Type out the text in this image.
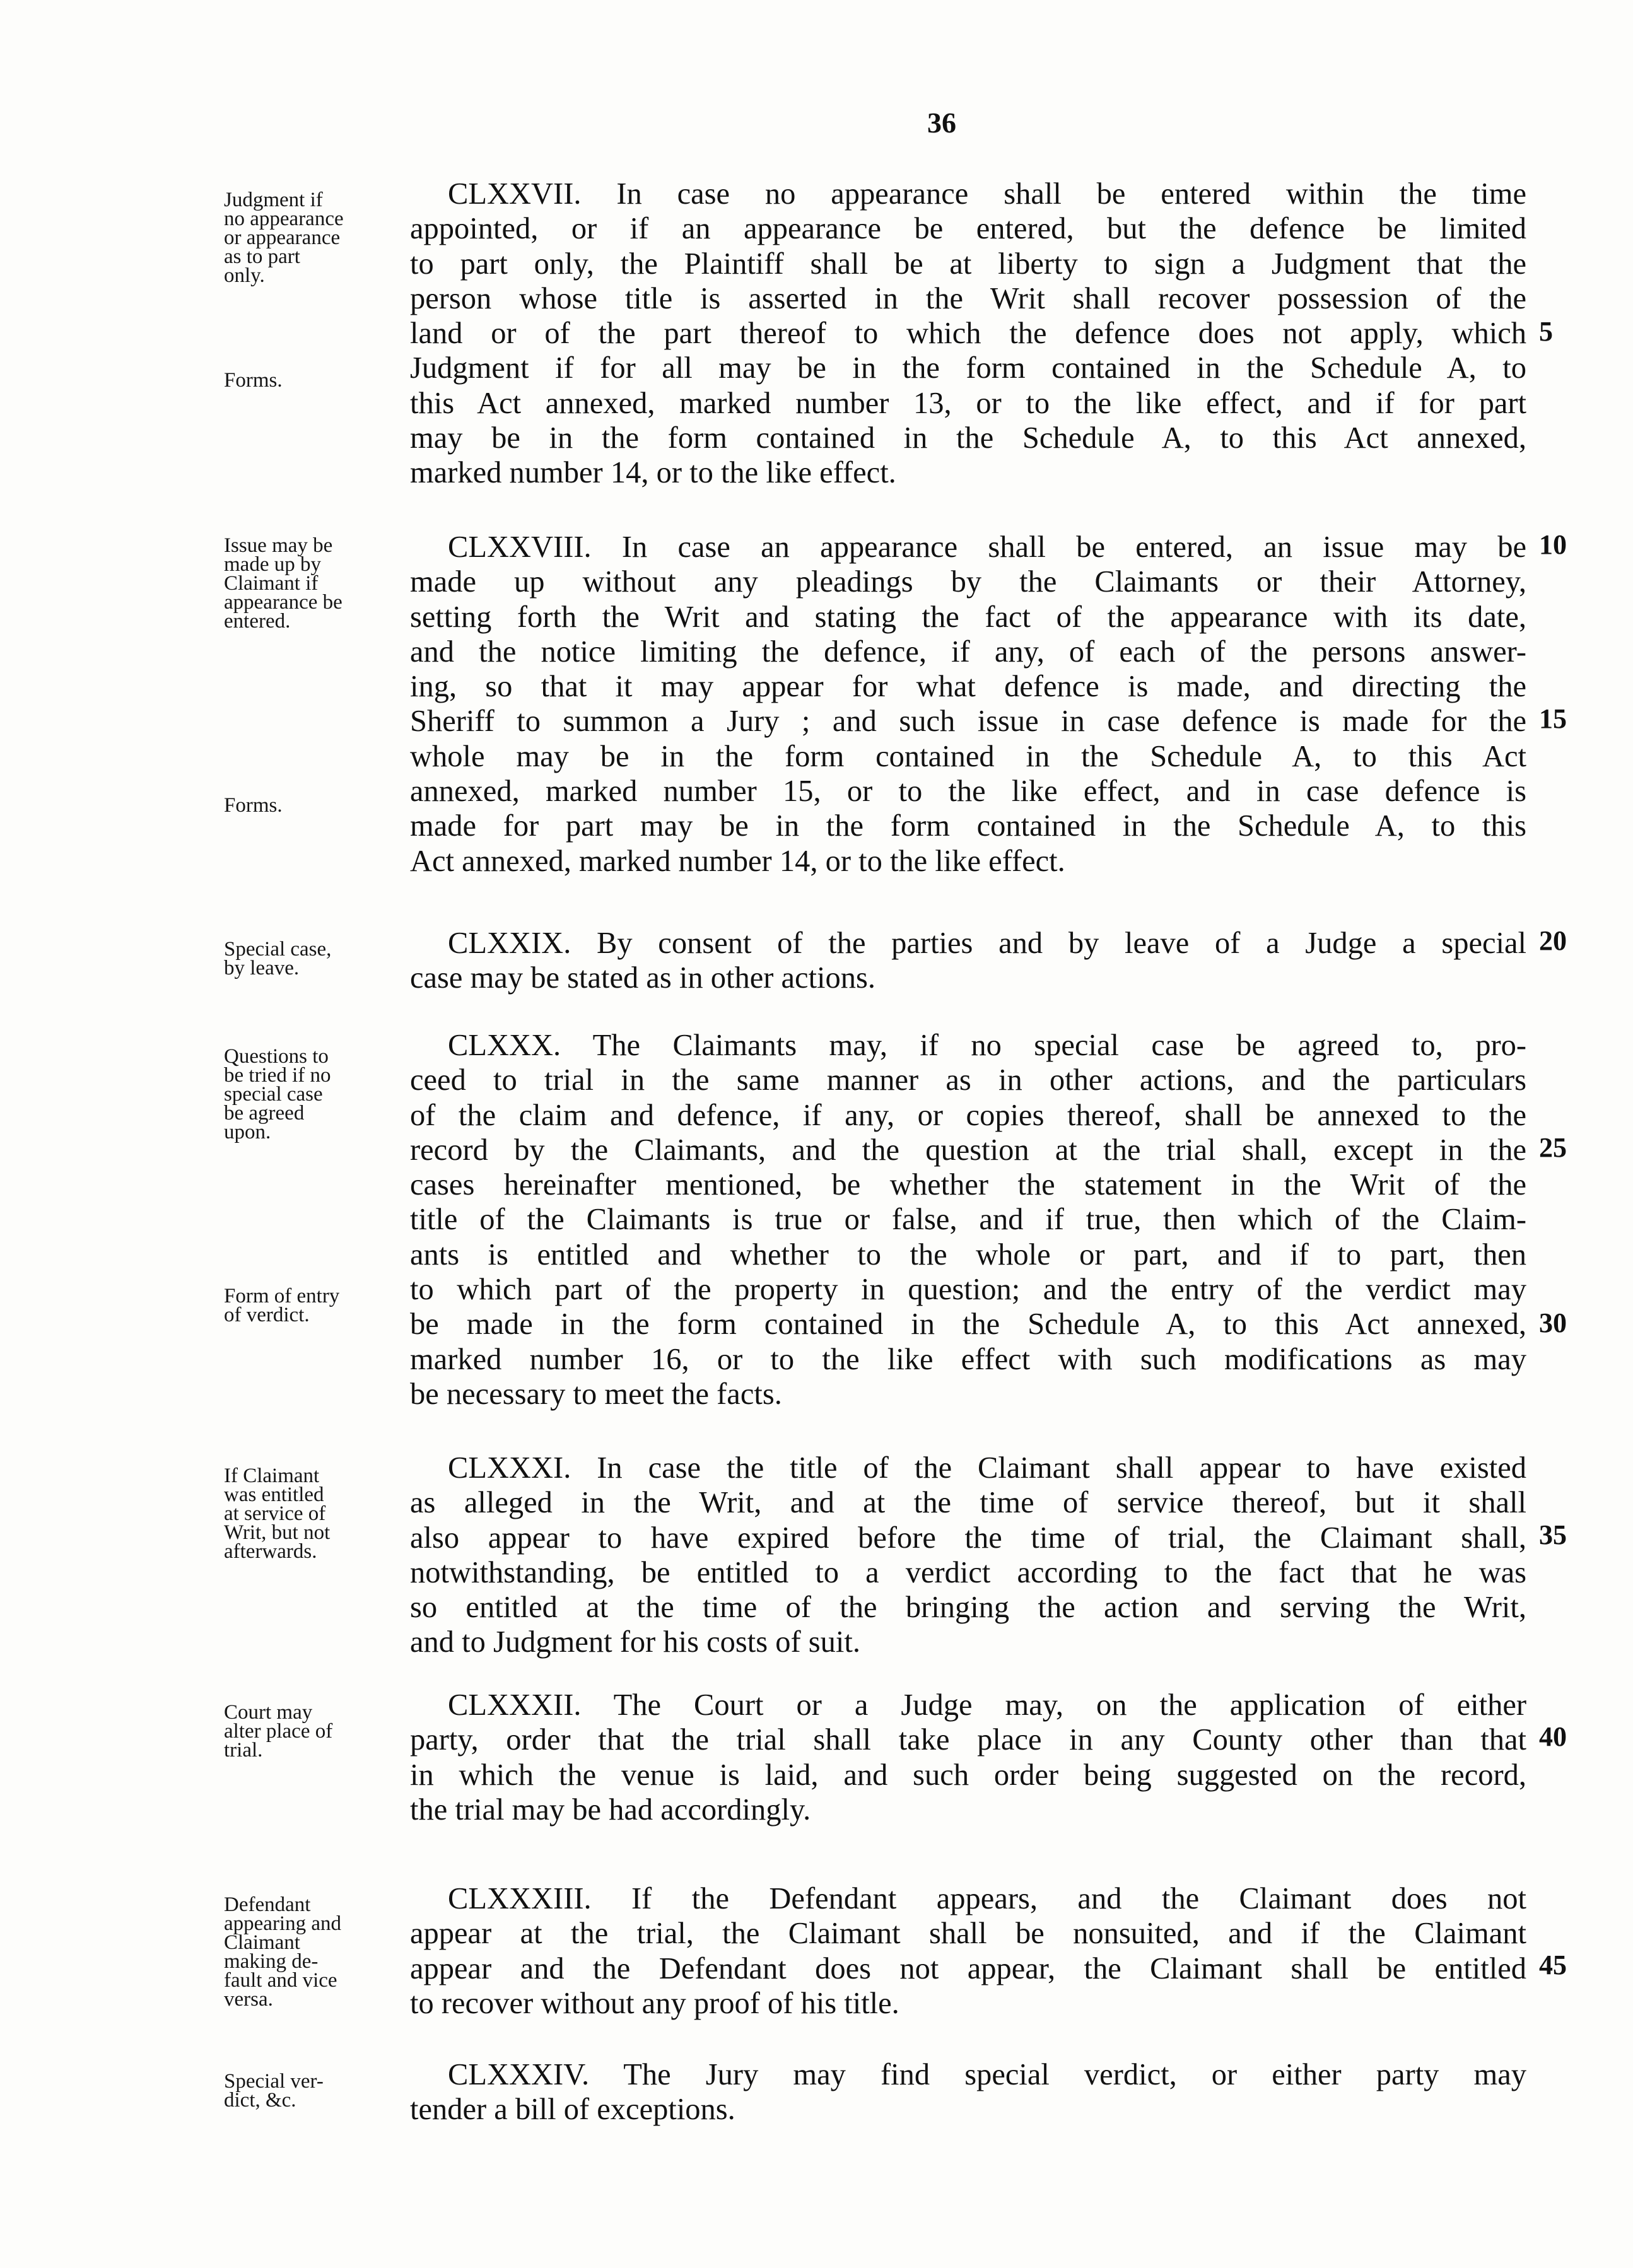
36
Judgment if
no appearance
or appearance
as to part
only.
Forms.
CLXXVII. In case no appearance shall be entered within the time
appointed, or if an appearance be entered, but the defence be limited
to part only, the Plaintiff shall be at liberty to sign a Judgment that the
person whose title is asserted in the Writ shall recover possession of the
land or of the part thereof to which the defence does not apply, which
Judgment if for all may be in the form contained in the Schedule A, to
this Act annexed, marked number 13, or to the like effect, and if for part
may be in the form contained in the Schedule A, to this Act annexed,
marked number 14, or to the like effect.
Issue may be
made up by
Claimant if
appearance be
entered.
Forms.
CLXXVIII. In case an appearance shall be entered, an issue may be
made up without any pleadings by the Claimants or their Attorney,
setting forth the Writ and stating the fact of the appearance with its date,
and the notice limiting the defence, if any, of each of the persons answer-
ing, so that it may appear for what defence is made, and directing the
Sheriff to summon a Jury ; and such issue in case defence is made for the
whole may be in the form contained in the Schedule A, to this Act
annexed, marked number 15, or to the like effect, and in case defence is
made for part may be in the form contained in the Schedule A, to this
Act annexed, marked number 14, or to the like effect.
Special case,
by leave.
CLXXIX. By consent of the parties and by leave of a Judge a special
case may be stated as in other actions.
Questions to
be tried if no
special case
be agreed
upon.
Form of entry
of verdict.
CLXXX. The Claimants may, if no special case be agreed to, pro-
ceed to trial in the same manner as in other actions, and the particulars
of the claim and defence, if any, or copies thereof, shall be annexed to the
record by the Claimants, and the question at the trial shall, except in the
cases hereinafter mentioned, be whether the statement in the Writ of the
title of the Claimants is true or false, and if true, then which of the Claim-
ants is entitled and whether to the whole or part, and if to part, then
to which part of the property in question; and the entry of the verdict may
be made in the form contained in the Schedule A, to this Act annexed,
marked number 16, or to the like effect with such modifications as may
be necessary to meet the facts.
If Claimant
was entitled
at service of
Writ, but not
afterwards.
CLXXXI. In case the title of the Claimant shall appear to have existed
as alleged in the Writ, and at the time of service thereof, but it shall
also appear to have expired before the time of trial, the Claimant shall,
notwithstanding, be entitled to a verdict according to the fact that he was
so entitled at the time of the bringing the action and serving the Writ,
and to Judgment for his costs of suit.
Court may
alter place of
trial.
CLXXXII. The Court or a Judge may, on the application of either
party, order that the trial shall take place in any County other than that
in which the venue is laid, and such order being suggested on the record,
the trial may be had accordingly.
Defendant
appearing and
Claimant
making de-
fault and vice
versa.
CLXXXIII. If the Defendant appears, and the Claimant does not
appear at the trial, the Claimant shall be nonsuited, and if the Claimant
appear and the Defendant does not appear, the Claimant shall be entitled
to recover without any proof of his title.
Special ver-
dict, &c.
CLXXXIV. The Jury may find special verdict, or either party may
tender a bill of exceptions.
5
10
15
20
25
30
35
40
45
